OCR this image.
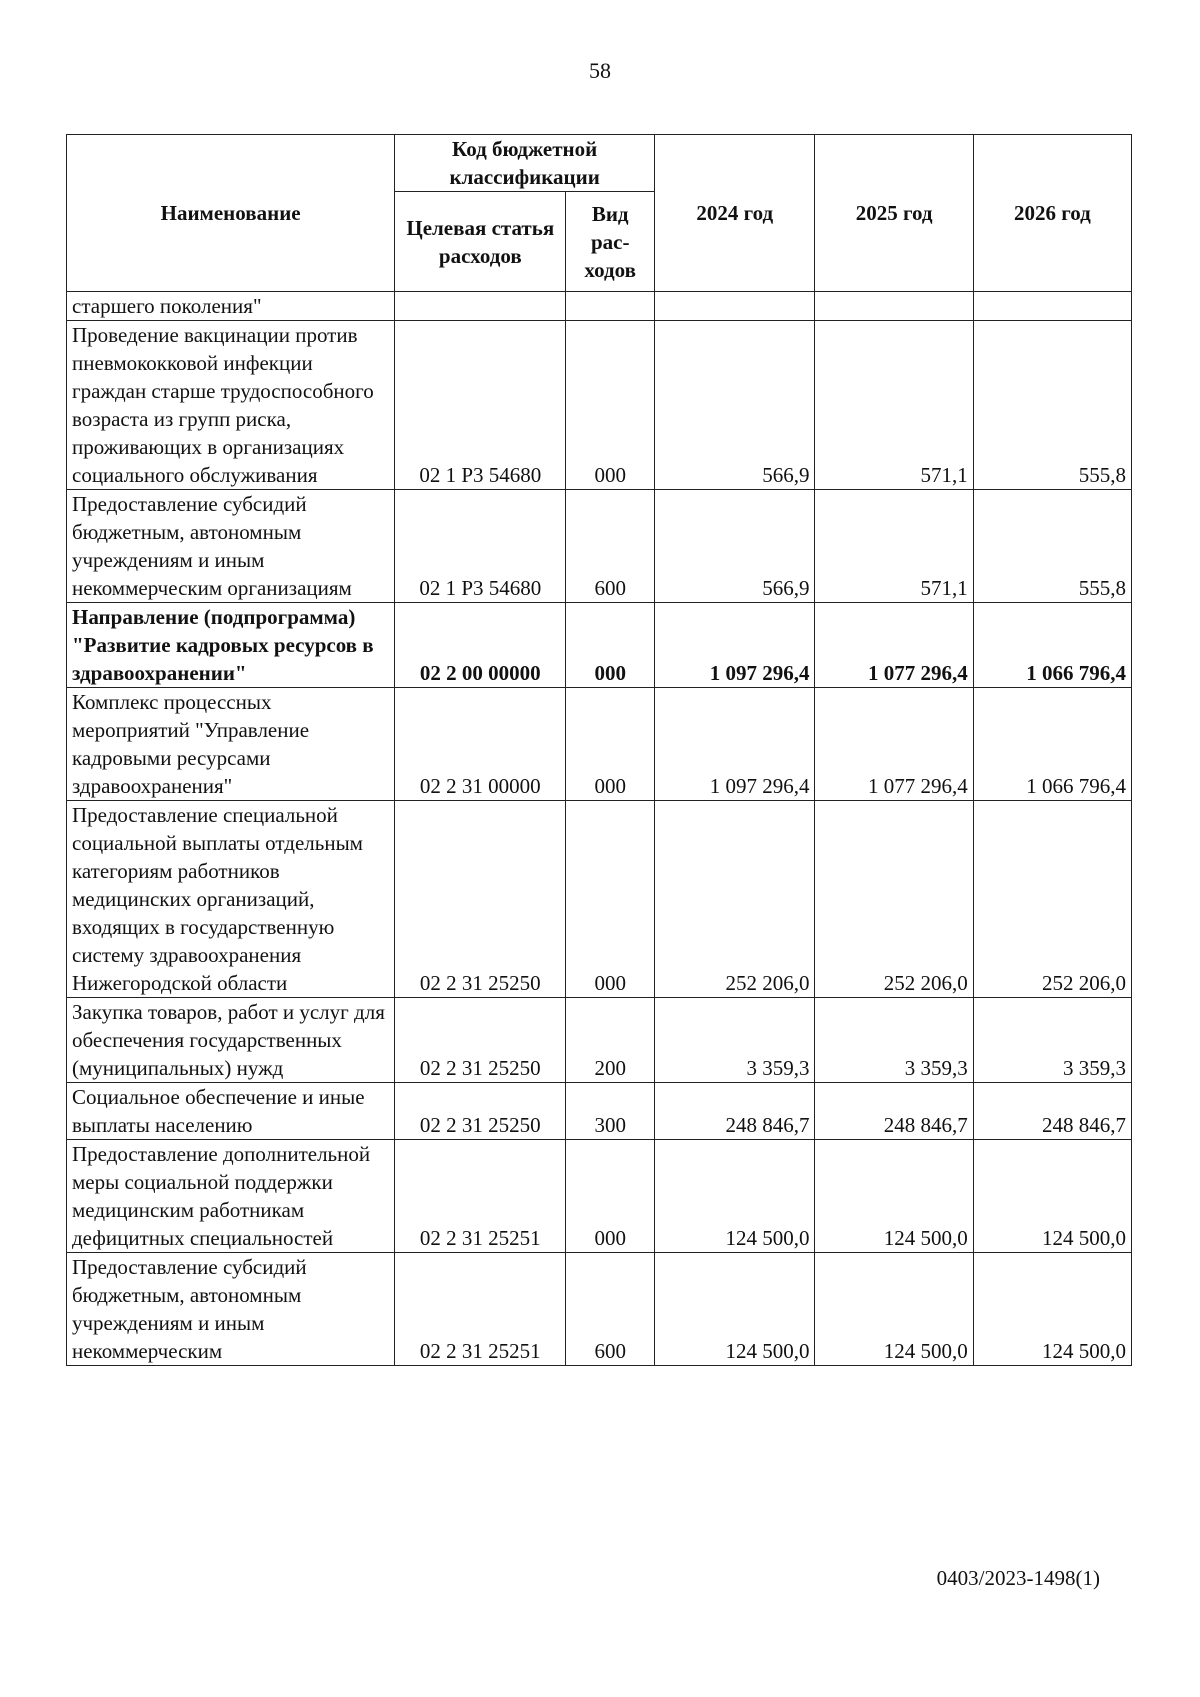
58
Наименование	Код бюджетной классификации		2024 год	2025 год	2026 год
	Целевая статья расходов	Вид рас-ходов			
старшего поколения"					
Проведение вакцинации против пневмококковой инфекции граждан старше трудоспособного возраста из групп риска, проживающих в организациях социального обслуживания	02 1 Р3 54680	000	566,9	571,1	555,8
Предоставление субсидий бюджетным, автономным учреждениям и иным некоммерческим организациям	02 1 Р3 54680	600	566,9	571,1	555,8
Направление (подпрограмма) "Развитие кадровых ресурсов в здравоохранении"	02 2 00 00000	000	1 097 296,4	1 077 296,4	1 066 796,4
Комплекс процессных мероприятий "Управление кадровыми ресурсами здравоохранения"	02 2 31 00000	000	1 097 296,4	1 077 296,4	1 066 796,4
Предоставление специальной социальной выплаты отдельным категориям работников медицинских организаций, входящих в государственную систему здравоохранения Нижегородской области	02 2 31 25250	000	252 206,0	252 206,0	252 206,0
Закупка товаров, работ и услуг для обеспечения государственных (муниципальных) нужд	02 2 31 25250	200	3 359,3	3 359,3	3 359,3
Социальное обеспечение и иные выплаты населению	02 2 31 25250	300	248 846,7	248 846,7	248 846,7
Предоставление дополнительной меры социальной поддержки медицинским работникам дефицитных специальностей	02 2 31 25251	000	124 500,0	124 500,0	124 500,0
Предоставление субсидий бюджетным, автономным учреждениям и иным некоммерческим	02 2 31 25251	600	124 500,0	124 500,0	124 500,0
0403/2023-1498(1)
